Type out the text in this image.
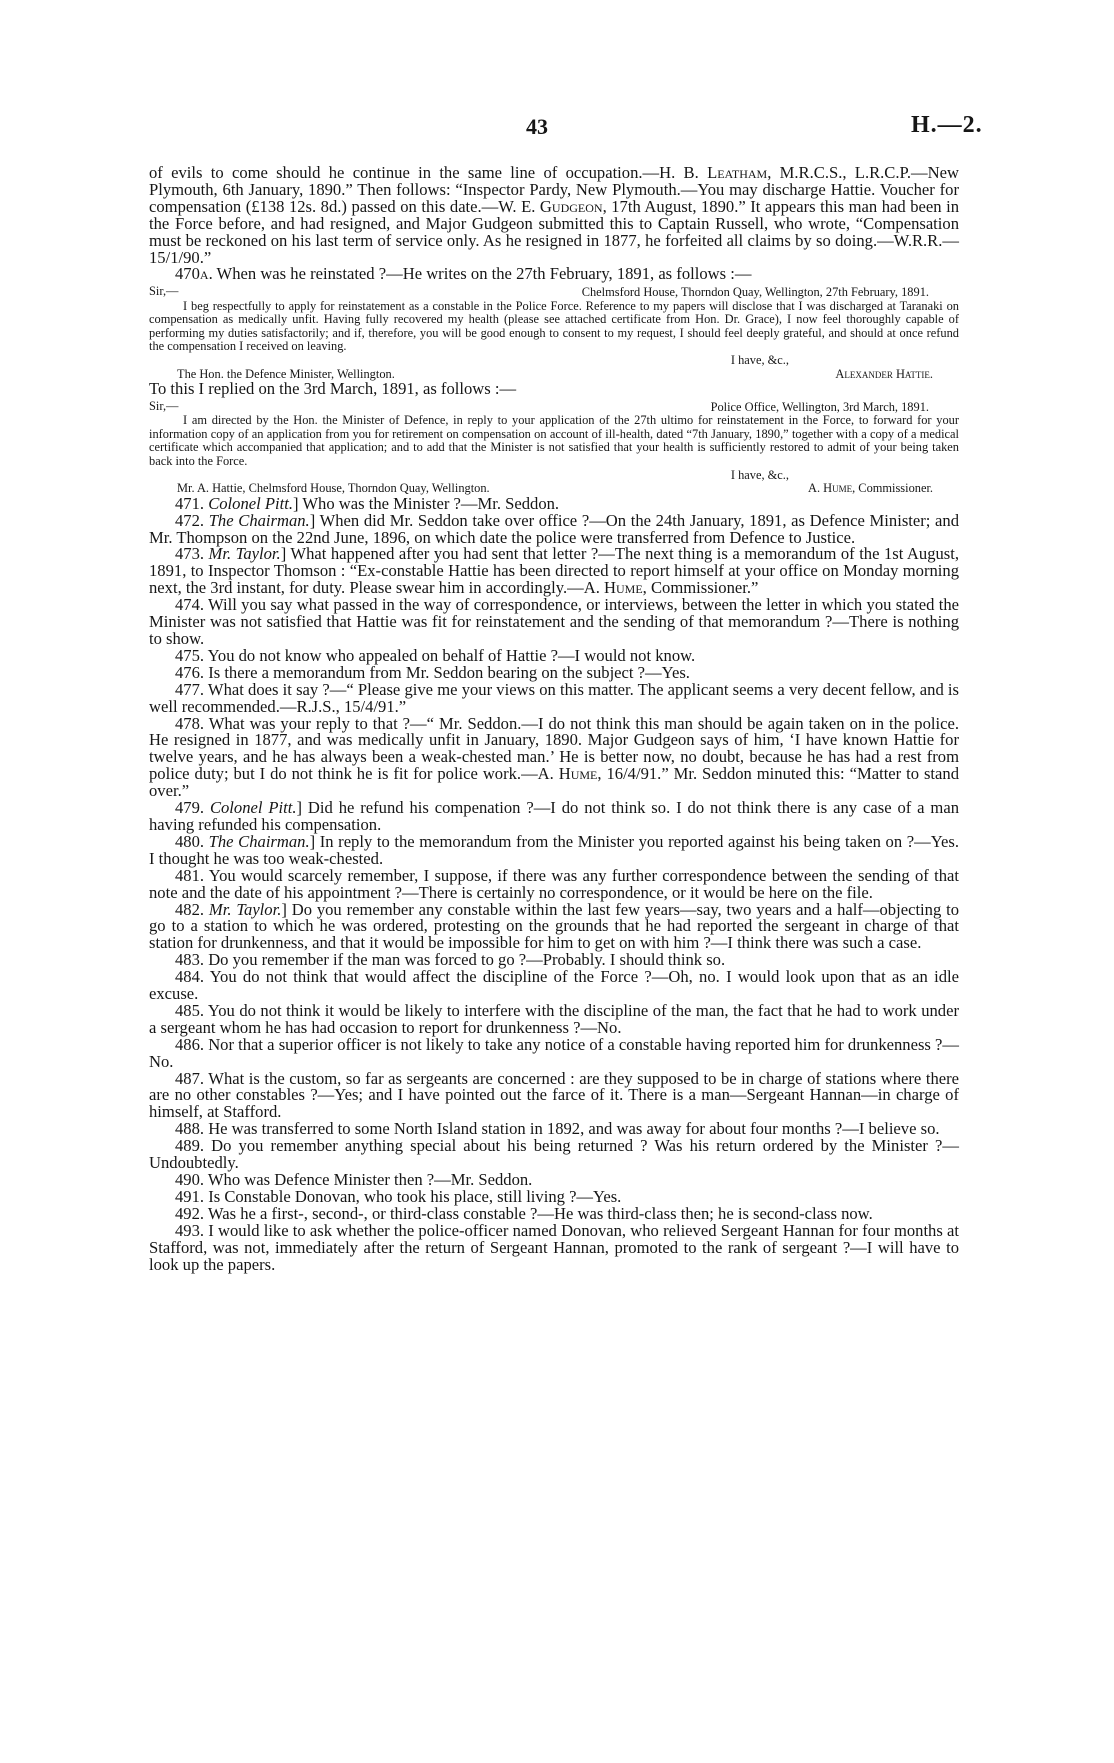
43	H.—2.

of evils to come should he continue in the same line of occupation.—H. B. Leatham, M.R.C.S., L.R.C.P.—New Plymouth, 6th January, 1890.” Then follows: “Inspector Pardy, New Plymouth.—You may discharge Hattie. Voucher for compensation (£138 12s. 8d.) passed on this date.—W. E. Gudgeon, 17th August, 1890.” It appears this man had been in the Force before, and had resigned, and Major Gudgeon submitted this to Captain Russell, who wrote, “Compensation must be reckoned on his last term of service only. As he resigned in 1877, he forfeited all claims by so doing.—W.R.R.—15/1/90.”

470a. When was he reinstated ?—He writes on the 27th February, 1891, as follows :—

Sir,—	Chelmsford House, Thorndon Quay, Wellington, 27th February, 1891.

I beg respectfully to apply for reinstatement as a constable in the Police Force. Reference to my papers will disclose that I was discharged at Taranaki on compensation as medically unfit. Having fully recovered my health (please see attached certificate from Hon. Dr. Grace), I now feel thoroughly capable of performing my duties satisfactorily; and if, therefore, you will be good enough to consent to my request, I should feel deeply grateful, and should at once refund the compensation I received on leaving.

I have, &c.,
The Hon. the Defence Minister, Wellington.	Alexander Hattie.

To this I replied on the 3rd March, 1891, as follows :—

Sir,—	Police Office, Wellington, 3rd March, 1891.

I am directed by the Hon. the Minister of Defence, in reply to your application of the 27th ultimo for reinstatement in the Force, to forward for your information copy of an application from you for retirement on compensation on account of ill-health, dated “7th January, 1890,” together with a copy of a medical certificate which accompanied that application; and to add that the Minister is not satisfied that your health is sufficiently restored to admit of your being taken back into the Force.

I have, &c.,
Mr. A. Hattie, Chelmsford House, Thorndon Quay, Wellington.	A. Hume, Commissioner.

471. Colonel Pitt.] Who was the Minister ?—Mr. Seddon.

472. The Chairman.] When did Mr. Seddon take over office ?—On the 24th January, 1891, as Defence Minister; and Mr. Thompson on the 22nd June, 1896, on which date the police were transferred from Defence to Justice.

473. Mr. Taylor.] What happened after you had sent that letter ?—The next thing is a memorandum of the 1st August, 1891, to Inspector Thomson : “Ex-constable Hattie has been directed to report himself at your office on Monday morning next, the 3rd instant, for duty. Please swear him in accordingly.—A. Hume, Commissioner.”

474. Will you say what passed in the way of correspondence, or interviews, between the letter in which you stated the Minister was not satisfied that Hattie was fit for reinstatement and the sending of that memorandum ?—There is nothing to show.

475. You do not know who appealed on behalf of Hattie ?—I would not know.

476. Is there a memorandum from Mr. Seddon bearing on the subject ?—Yes.

477. What does it say ?—“ Please give me your views on this matter. The applicant seems a very decent fellow, and is well recommended.—R.J.S., 15/4/91.”

478. What was your reply to that ?—“ Mr. Seddon.—I do not think this man should be again taken on in the police. He resigned in 1877, and was medically unfit in January, 1890. Major Gudgeon says of him, ‘I have known Hattie for twelve years, and he has always been a weak-chested man.’ He is better now, no doubt, because he has had a rest from police duty; but I do not think he is fit for police work.—A. Hume, 16/4/91.” Mr. Seddon minuted this: “Matter to stand over.”

479. Colonel Pitt.] Did he refund his compenation ?—I do not think so. I do not think there is any case of a man having refunded his compensation.

480. The Chairman.] In reply to the memorandum from the Minister you reported against his being taken on ?—Yes. I thought he was too weak-chested.

481. You would scarcely remember, I suppose, if there was any further correspondence between the sending of that note and the date of his appointment ?—There is certainly no correspondence, or it would be here on the file.

482. Mr. Taylor.] Do you remember any constable within the last few years—say, two years and a half—objecting to go to a station to which he was ordered, protesting on the grounds that he had reported the sergeant in charge of that station for drunkenness, and that it would be impossible for him to get on with him ?—I think there was such a case.

483. Do you remember if the man was forced to go ?—Probably. I should think so.

484. You do not think that would affect the discipline of the Force ?—Oh, no. I would look upon that as an idle excuse.

485. You do not think it would be likely to interfere with the discipline of the man, the fact that he had to work under a sergeant whom he has had occasion to report for drunkenness ?—No.

486. Nor that a superior officer is not likely to take any notice of a constable having reported him for drunkenness ?—No.

487. What is the custom, so far as sergeants are concerned : are they supposed to be in charge of stations where there are no other constables ?—Yes; and I have pointed out the farce of it. There is a man—Sergeant Hannan—in charge of himself, at Stafford.

488. He was transferred to some North Island station in 1892, and was away for about four months ?—I believe so.

489. Do you remember anything special about his being returned ? Was his return ordered by the Minister ?—Undoubtedly.

490. Who was Defence Minister then ?—Mr. Seddon.

491. Is Constable Donovan, who took his place, still living ?—Yes.

492. Was he a first-, second-, or third-class constable ?—He was third-class then; he is second-class now.

493. I would like to ask whether the police-officer named Donovan, who relieved Sergeant Hannan for four months at Stafford, was not, immediately after the return of Sergeant Hannan, promoted to the rank of sergeant ?—I will have to look up the papers.
